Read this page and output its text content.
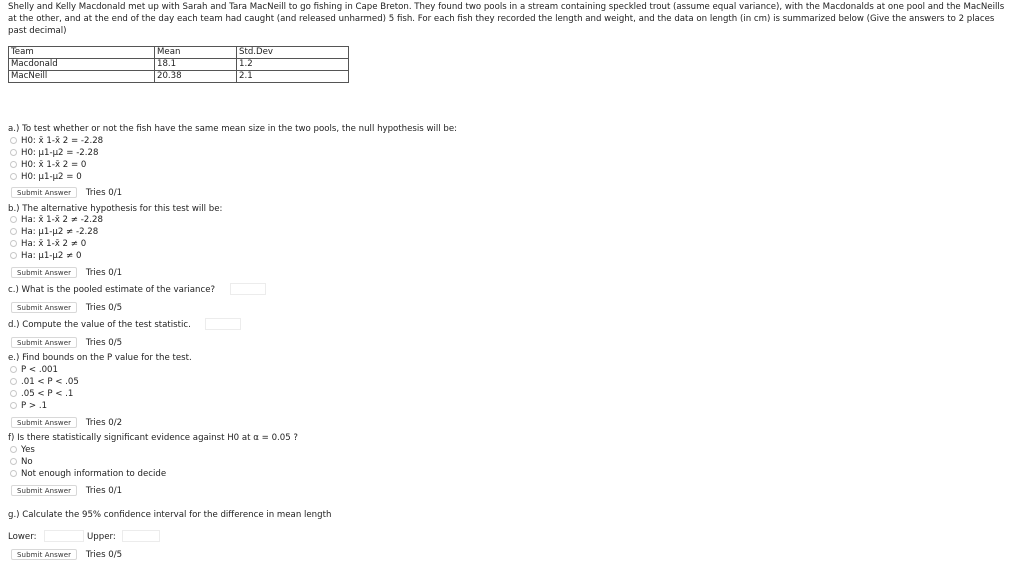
Shelly and Kelly Macdonald met up with Sarah and Tara MacNeill to go fishing in Cape Breton. They found two pools in a stream containing speckled trout (assume equal variance), with the Macdonalds at one pool and the MacNeills at the other, and at the end of the day each team had caught (and released unharmed) 5 fish. For each fish they recorded the length and weight, and the data on length (in cm) is summarized below (Give the answers to 2 places past decimal)
Team	Mean	Std.Dev
Macdonald	18.1	1.2
MacNeill	20.38	2.1
a.) To test whether or not the fish have the same mean size in the two pools, the null hypothesis will be:
H0: x̄ 1-x̄ 2 = -2.28
H0: μ1-μ2 = -2.28
H0: x̄ 1-x̄ 2 = 0
H0: μ1-μ2 = 0
Submit Answer Tries 0/1
b.) The alternative hypothesis for this test will be:
Ha: x̄ 1-x̄ 2 ≠ -2.28
Ha: μ1-μ2 ≠ -2.28
Ha: x̄ 1-x̄ 2 ≠ 0
Ha: μ1-μ2 ≠ 0
Submit Answer Tries 0/1
c.) What is the pooled estimate of the variance?
Submit Answer Tries 0/5
d.) Compute the value of the test statistic.
Submit Answer Tries 0/5
e.) Find bounds on the P value for the test.
P < .001
.01 < P < .05
.05 < P < .1
P > .1
Submit Answer Tries 0/2
f) Is there statistically significant evidence against H0 at α = 0.05 ?
Yes
No
Not enough information to decide
Submit Answer Tries 0/1
g.) Calculate the 95% confidence interval for the difference in mean length
Lower:	Upper:
Submit Answer Tries 0/5
